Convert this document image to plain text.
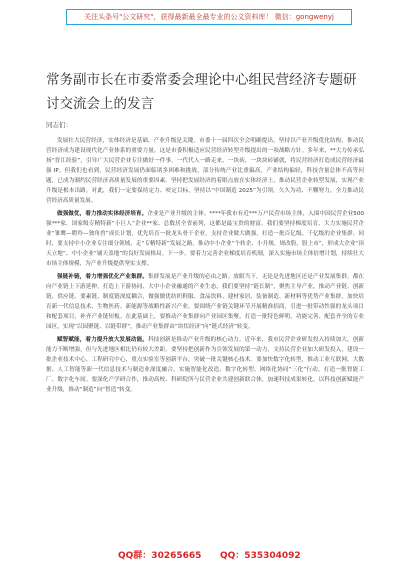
关注头条号"公文研究"，获得最新最全最专业的公文资料库！ 微信：gongwenyj
常务副市长在市委常委会理论中心组民营经济专题研讨交流会上的发言
同志们：

发展壮大民营经济，实体经济是基础，产业升级是关键。市委十一届四次全会明确提出，坚持以产业升级优化结构，推动民营经济成为建设现代化产业体系的重要力量。这是市委积极适应民营经济转型升级提出的一项战略方针。多年来，**大力传承弘扬“晋江经验”，引导广大民营企业专注做好一件事，一代代人一路走来，一块砖，一块块砖铺就，将民营经济打造成民营经济最强 IP。但我们也看到，民营经济发展仍面临诸多困难和挑战，部分传统产业比重偏高，产业结构偏轻，科技含量总体不高等问题，已成为制约民营经济高质量发展的重要因素。坚持把发展经济的着眼点放在实体经济上，推动民营企业转型发展，实现产业升级是根本出路。对此，我们一定要保持定力、咬定目标，坚持以“中国制造 2025”为引领，久久为功、不懈努力，全力推动民营经济高质量发展。

做强做优，着力推动实体经济培育。企业是产业升级的主体。****年我市有近***万户民营市场主体，入围中国民营企业500强***家，国家级专精特新“小巨人”企业**家、总数居全省前列，这都是最宝贵的财富。我们要坚持梯度培育，大力实施民营企业“雏鹰—瞪羚—独角兽”成长计划，优先培育一批龙头骨干企业，支持企业做大做强，打造一批百亿级、千亿级的企业集群。同时，要支持中小企业专注细分领域，走“专精特新”发展之路，推动中小企业“个转企、小升规、规改股、股上市”，形成大企业“顶天立地”、中小企业“铺天盖地”的良好发展格局。下一步，要着力完善企业梯度培育机制，深入实施市场主体倍增计划，持续壮大市场主体规模，为产业升级提供坚实支撑。

强链补链，着力增强优化产业集群。集群发展是产业升级的必由之路。放眼当下，无论是先进地区还是产业发展集群，都在向产业链上下游延伸，打造上下游协同、大中小企业融通的产业生态。我们要坚持“链长制”，聚焦主导产业，推动产业链、创新链、供应链、要素链、制度链深度耦合，做强做优纺织鞋服、食品饮料、建材家居、装备制造、新材料等优势产业集群，加快培育新一代信息技术、生物医药、新能源等战略性新兴产业。要围绕产业链关键环节开展精准招商，引进一批带动性强的龙头项目和配套项目，补齐产业链短板。在此基础上，要推动产业集群向产业园区集聚，打造一批特色鲜明、功能完善、配套齐全的专业园区，实现“以园聚链、以链带群”，推动产业集群由“块状经济”向“链式经济”转变。

赋智赋能，着力提升放大发展动能。科技创新是推动产业升级的核心动力。近年来，我市民营企业研发投入持续加大，创新能力不断增强，但与先进地区相比仍有较大差距。要坚持把创新作为引领发展的第一动力，支持民营企业加大研发投入，建设一批企业技术中心、工程研究中心、重点实验室等创新平台，突破一批关键核心技术。要加快数字化转型，推动工业互联网、大数据、人工智能等新一代信息技术与制造业深度融合，实施智能化改造、数字化转型、网络化协同“三化”行动，打造一批智能工厂、数字化车间。要深化产学研合作，推动高校、科研院所与民营企业共建创新联合体，加速科技成果转化，以科技创新赋能产业升级，推动“制造”向“智造”转变。

QQ群：30265665 QQ：535304092
